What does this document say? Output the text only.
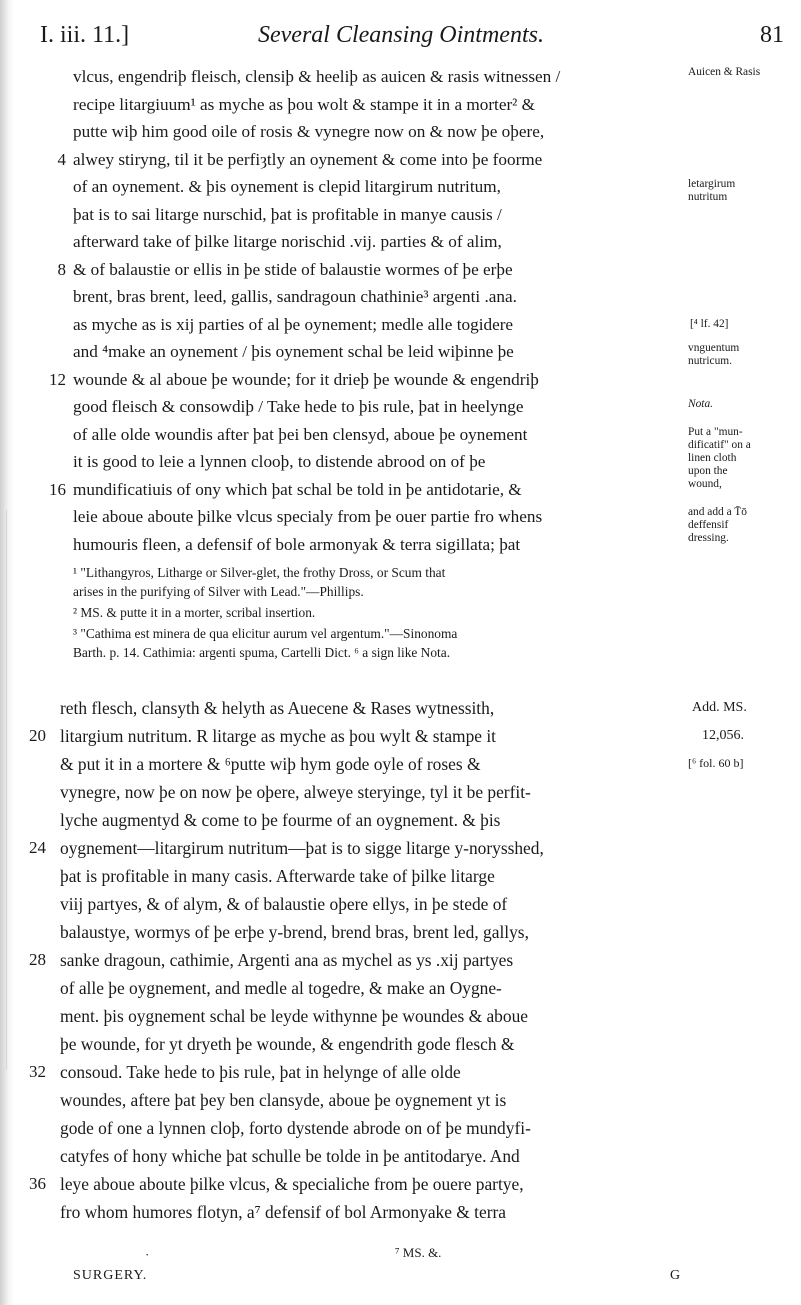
I. iii. 11.]	Several Cleansing Ointments.	81
vlcus, engendriþ fleisch, clensiþ & heeliþ as auicen & rasis witnessen /
recipe litargiuum¹ as myche as þou wolt & stampe it in a morter² &
putte wiþ him good oile of rosis & vynegre now on & now þe oþere,
alwey stiryng, til it be perfiȝtly an oynement & come into þe foorme
of an oynement. & þis oynement is clepid litargirum nutritum,
þat is to sai litarge nurschid, þat is profitable in manye causis /
afterward take of þilke litarge norischid .vij. parties & of alim,
& of balaustie or ellis in þe stide of balaustie wormes of þe erþe
brent, bras brent, leed, gallis, sandragoun chathinie³ argenti .ana.
as myche as is xij parties of al þe oynement; medle alle togidere
and ⁴make an oynement / þis oynement schal be leid wiþinne þe
wounde & al aboue þe wounde; for it drieþ þe wounde & engendriþ
good fleisch & consowdiþ / Take hede to þis rule, þat in heelynge
of alle olde woundis after þat þei ben clensyd, aboue þe oynement
it is good to leie a lynnen clooþ, to distende abrood on of þe
mundificatiuis of ony which þat schal be told in þe antidotarie, &
leie aboue aboute þilke vlcus specialy from þe ouer partie fro whens
humouris fleen, a defensif of bole armonyak & terra sigillata; þat
4
8
12
16
Auicen & Rasis
letargirum nutritum
[⁴ lf. 42]
vnguentum nutricum.
Nota.
Put a "mun- dificatif" on a linen cloth upon the wound,
and add a T̄ō deffensif dressing.
¹ "Lithangyros, Litharge or Silver-glet, the frothy Dross, or Scum that
arises in the purifying of Silver with Lead."—Phillips.
² MS. & putte it in a morter, scribal insertion.
³ "Cathima est minera de qua elicitur aurum vel argentum."—Sinonoma
Barth. p. 14. Cathimia: argenti spuma, Cartelli Dict. ⁶ a sign like Nota.
reth flesch, clansyth & helyth as Auecene & Rases wytnessith,
litargium nutritum. R litarge as myche as þou wylt & stampe it
& put it in a mortere & ⁶putte wiþ hym gode oyle of roses &
vynegre, now þe on now þe oþere, alweye steryinge, tyl it be perfit-
lyche augmentyd & come to þe fourme of an oygnement. & þis
oygnement—litargirum nutritum—þat is to sigge litarge y-norysshed,
þat is profitable in many casis. Afterwarde take of þilke litarge
viij partyes, & of alym, & of balaustie oþere ellys, in þe stede of
balaustye, wormys of þe erþe y-brend, brend bras, brent led, gallys,
sanke dragoun, cathimie, Argenti ana as mychel as ys .xij partyes
of alle þe oygnement, and medle al togedre, & make an Oygne-
ment. þis oygnement schal be leyde withynne þe woundes & aboue
þe wounde, for yt dryeth þe wounde, & engendrith gode flesch &
consoud. Take hede to þis rule, þat in helynge of alle olde
woundes, aftere þat þey ben clansyde, aboue þe oygnement yt is
gode of one a lynnen cloþ, forto dystende abrode on of þe mundyfi-
catyfes of hony whiche þat schulle be tolde in þe antitodarye. And
leye aboue aboute þilke vlcus, & specialiche from þe ouere partye,
fro whom humores flotyn, a⁷ defensif of bol Armonyake & terra
20
24
28
32
36
Add. MS.
12,056.
[⁶ fol. 60 b]
·	⁷ MS. &.
SURGERY.	G
